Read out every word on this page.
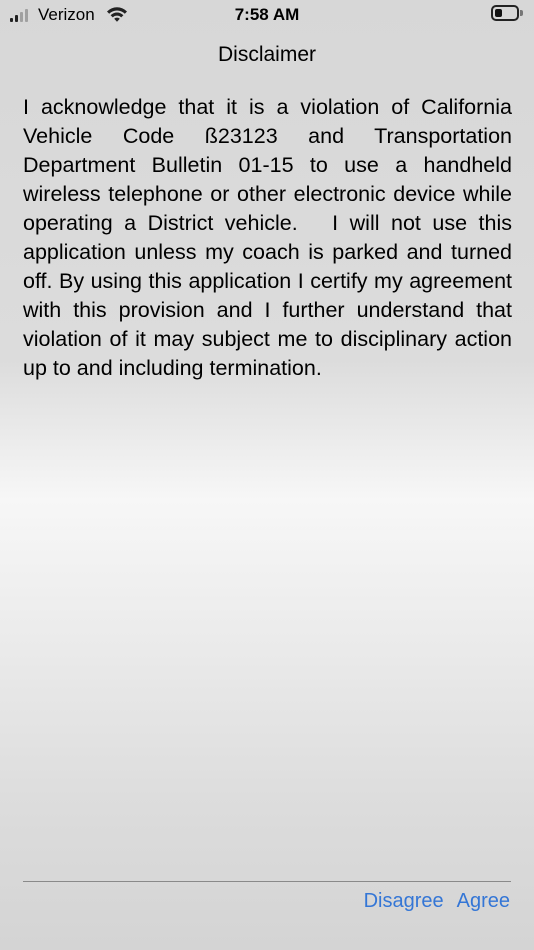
Verizon	7:58 AM
Disclaimer

I acknowledge that it is a violation of California Vehicle Code ß23123 and Transportation Department Bulletin 01-15 to use a handheld wireless telephone or other electronic device while operating a District vehicle.   I will not use this application unless my coach is parked and turned off. By using this application I certify my agreement with this provision and I further understand that violation of it may subject me to disciplinary action up to and including termination.

Disagree Agree
